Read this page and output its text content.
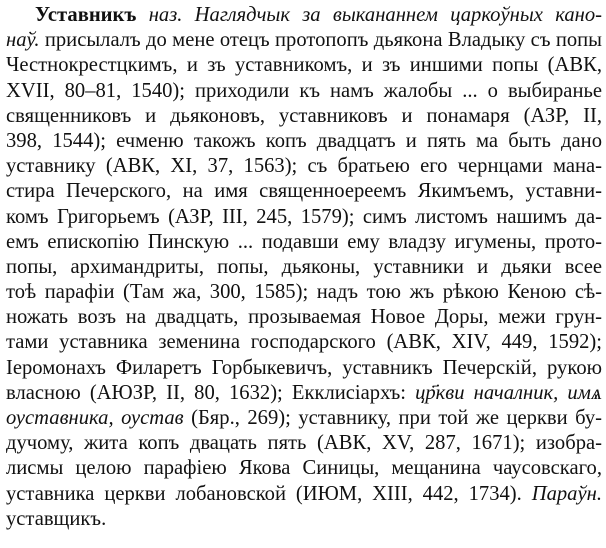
Уставникъ наз. Наглядчык за выкананнем царкоўных кано-
наў. присылалъ до мене отецъ протопопъ дьякона Владыку съ попы
Честнокрестцкимъ, и зъ уставникомъ, и зъ иншими попы (АВК,
XVII, 80–81, 1540); приходили къ намъ жалобы ... о выбиранье
священниковъ и дьяконовъ, уставниковъ и понамаря (АЗР, II,
398, 1544); ечменю такожъ копъ двадцатъ и пять ма быть дано
уставнику (АВК, XI, 37, 1563); съ братьею его чернцами мана-
стира Печерского, на имя священноереемъ Якимъемъ, уставни-
комъ Григорьемъ (АЗР, III, 245, 1579); симъ листомъ нашимъ да-
емъ епископію Пинскую ... подавши ему владзу игумены, прото-
попы, архимандриты, попы, дьяконы, уставники и дьяки всее
тоѣ парафіи (Там жа, 300, 1585); надъ тою жъ рѣкою Кеною сѣ-
ножать возъ на двадцать, прозываемая Новое Доры, межи грун-
тами уставника земенина господарского (АВК, XIV, 449, 1592);
Іеромонахъ Филаретъ Горбыкевичъ, уставникъ Печерскій, рукою
власною (АЮЗР, II, 80, 1632); Екклисіархъ: цр҃кви началник, имѧ
оуставника, оустав (Бяр., 269); уставнику, при той же церкви бу-
дучому, жита копъ двацать пять (АВК, XV, 287, 1671); изобра-
лисмы целою парафіею Якова Синицы, мещанина чаусовскаго,
уставника церкви лобановской (ИЮМ, XIII, 442, 1734). Параўн.
уставщикъ.
